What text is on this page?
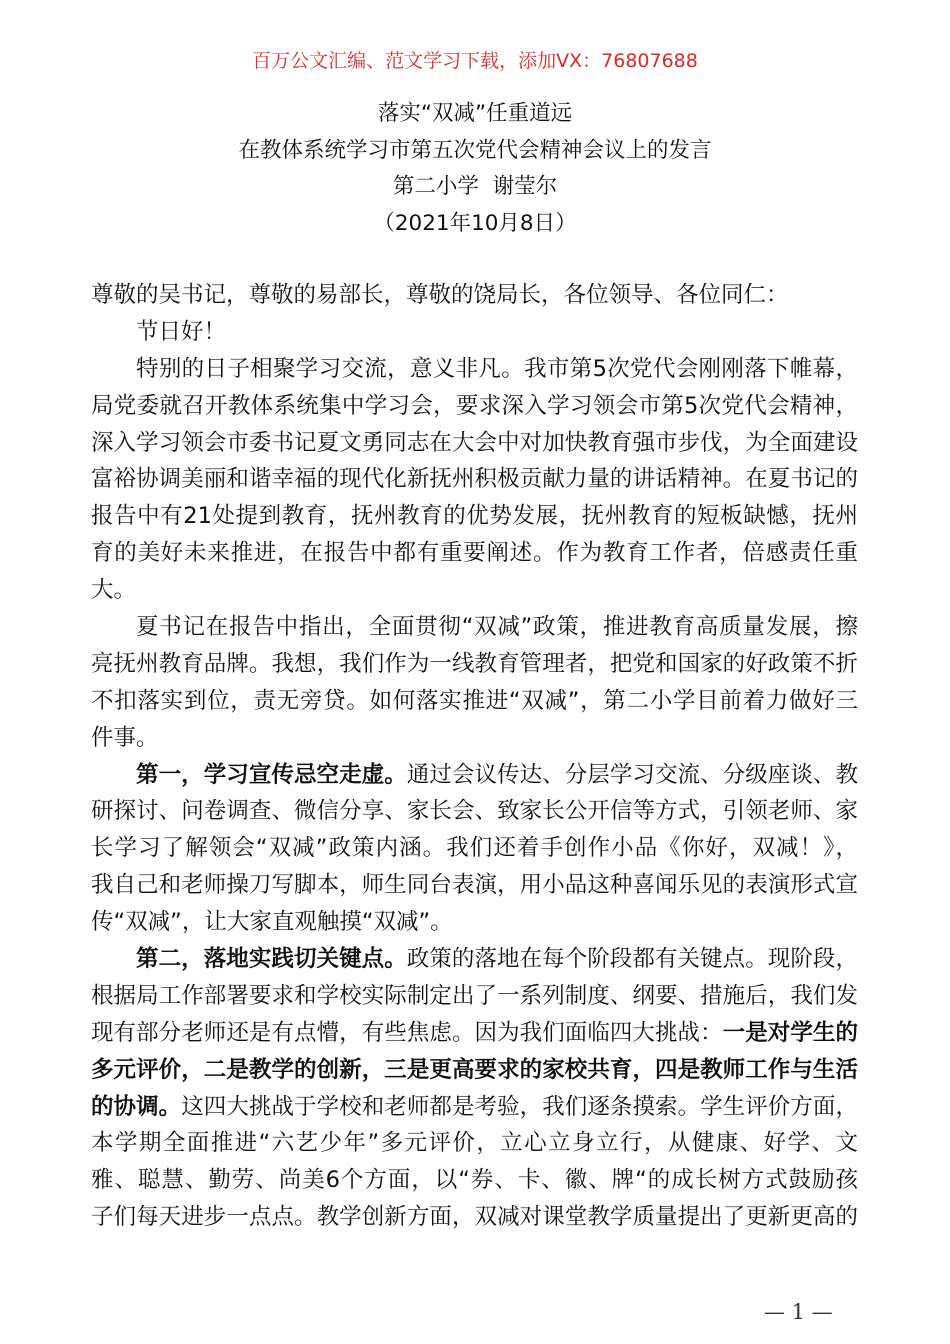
百万公文汇编、范文学习下载，添加VX：76807688
落实“双减”任重道远
在教体系统学习市第五次党代会精神会议上的发言
第二小学  谢莹尔
（2021年10月8日）
尊敬的吴书记，尊敬的易部长，尊敬的饶局长，各位领导、各位同仁：
节日好！
特别的日子相聚学习交流，意义非凡。我市第5次党代会刚刚落下帷幕，
局党委就召开教体系统集中学习会，要求深入学习领会市第5次党代会精神，
深入学习领会市委书记夏文勇同志在大会中对加快教育强市步伐，为全面建设
富裕协调美丽和谐幸福的现代化新抚州积极贡献力量的讲话精神。在夏书记的
报告中有21处提到教育，抚州教育的优势发展，抚州教育的短板缺憾，抚州
育的美好未来推进，在报告中都有重要阐述。作为教育工作者，倍感责任重
大。
夏书记在报告中指出，全面贯彻“双减”政策，推进教育高质量发展，擦
亮抚州教育品牌。我想，我们作为一线教育管理者，把党和国家的好政策不折
不扣落实到位，责无旁贷。如何落实推进“双减”，第二小学目前着力做好三
件事。
第一，学习宣传忌空走虚。通过会议传达、分层学习交流、分级座谈、教
研探讨、问卷调查、微信分享、家长会、致家长公开信等方式，引领老师、家
长学习了解领会“双减”政策内涵。我们还着手创作小品《你好，双减！》，
我自己和老师操刀写脚本，师生同台表演，用小品这种喜闻乐见的表演形式宣
传“双减”，让大家直观触摸“双减”。
第二，落地实践切关键点。政策的落地在每个阶段都有关键点。现阶段，
根据局工作部署要求和学校实际制定出了一系列制度、纲要、措施后，我们发
现有部分老师还是有点懵，有些焦虑。因为我们面临四大挑战：一是对学生的
多元评价，二是教学的创新，三是更高要求的家校共育，四是教师工作与生活
的协调。这四大挑战于学校和老师都是考验，我们逐条摸索。学生评价方面，
本学期全面推进“六艺少年”多元评价，立心立身立行，从健康、好学、文
雅、聪慧、勤劳、尚美6个方面，以“券、卡、徽、牌“的成长树方式鼓励孩
子们每天进步一点点。教学创新方面，双减对课堂教学质量提出了更新更高的
— 1 —
